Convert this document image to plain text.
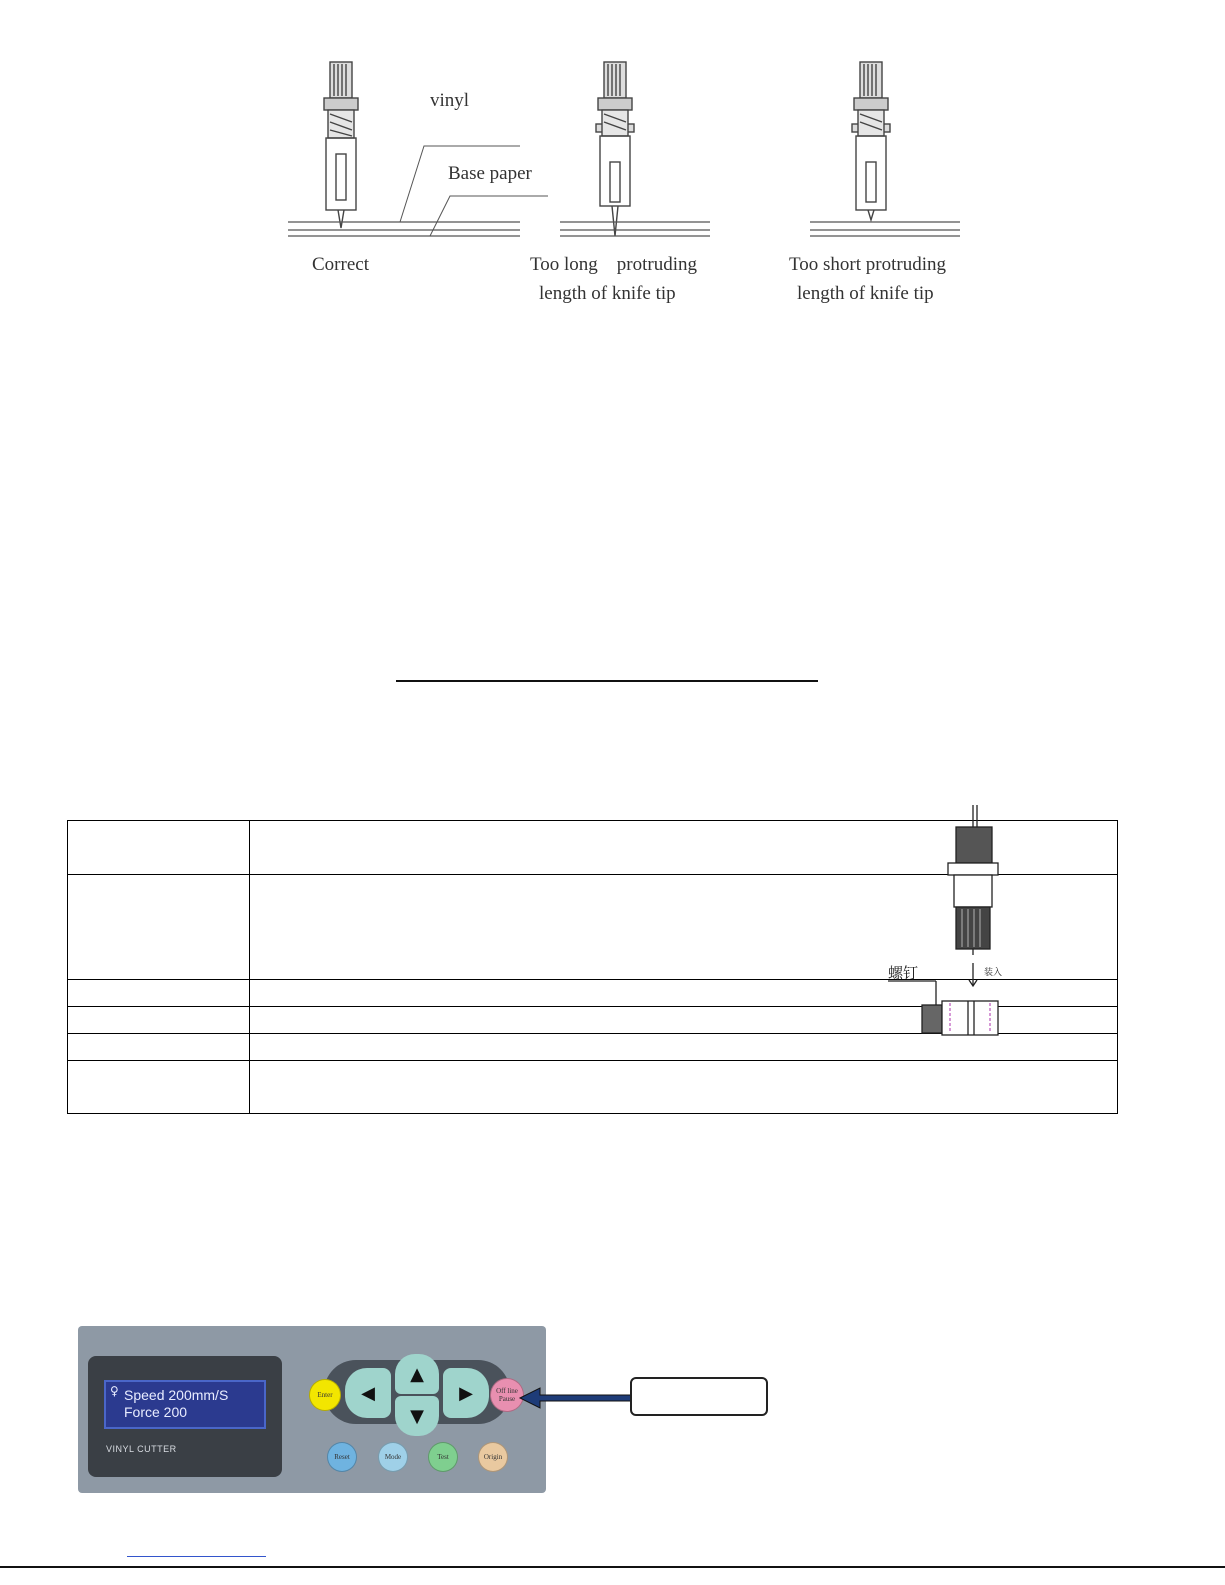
vinyl
Base paper
Correct	Too long    protruding
length of knife tip
Too short protruding
length of knife tip

螺钉	装入
♀ Speed 200mm/S
Force 200
VINYL CUTTER
Enter	◀
▲
▼
▶	Off line
Pause
Reset	Mode	Test	Origin
